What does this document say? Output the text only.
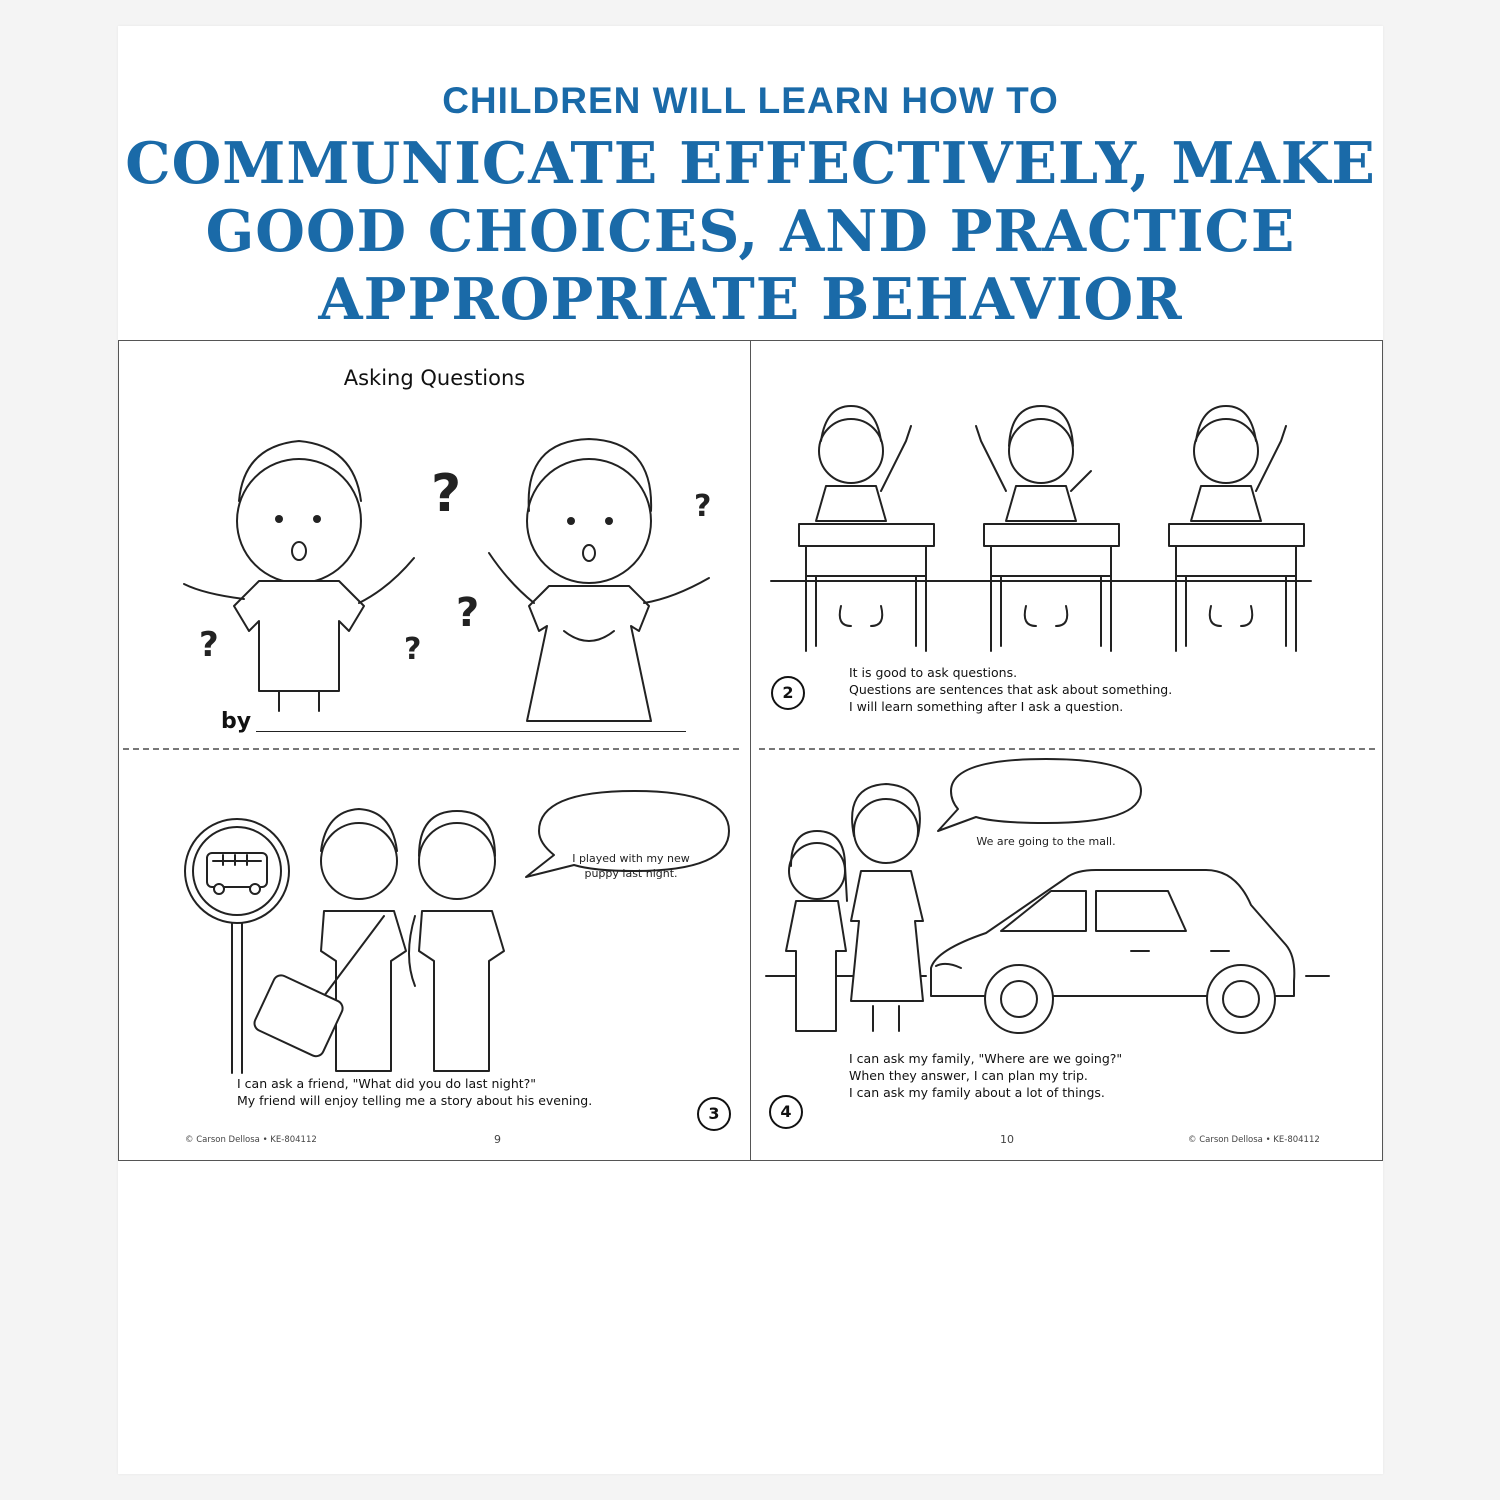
CHILDREN WILL LEARN HOW TO
COMMUNICATE EFFECTIVELY, MAKE
GOOD CHOICES, AND PRACTICE
APPROPRIATE BEHAVIOR
Asking Questions
?	?
?
?
?
by
2
It is good to ask questions.
Questions are sentences that ask about something.
I will learn something after I ask a question.
I played with my new
puppy last night.
I can ask a friend, "What did you do last night?"
My friend will enjoy telling me a story about his evening.
3
© Carson Dellosa • KE-804112	9
We are going to the mall.
I can ask my family, "Where are we going?"
When they answer, I can plan my trip.
I can ask my family about a lot of things.
4
10	© Carson Dellosa • KE-804112
